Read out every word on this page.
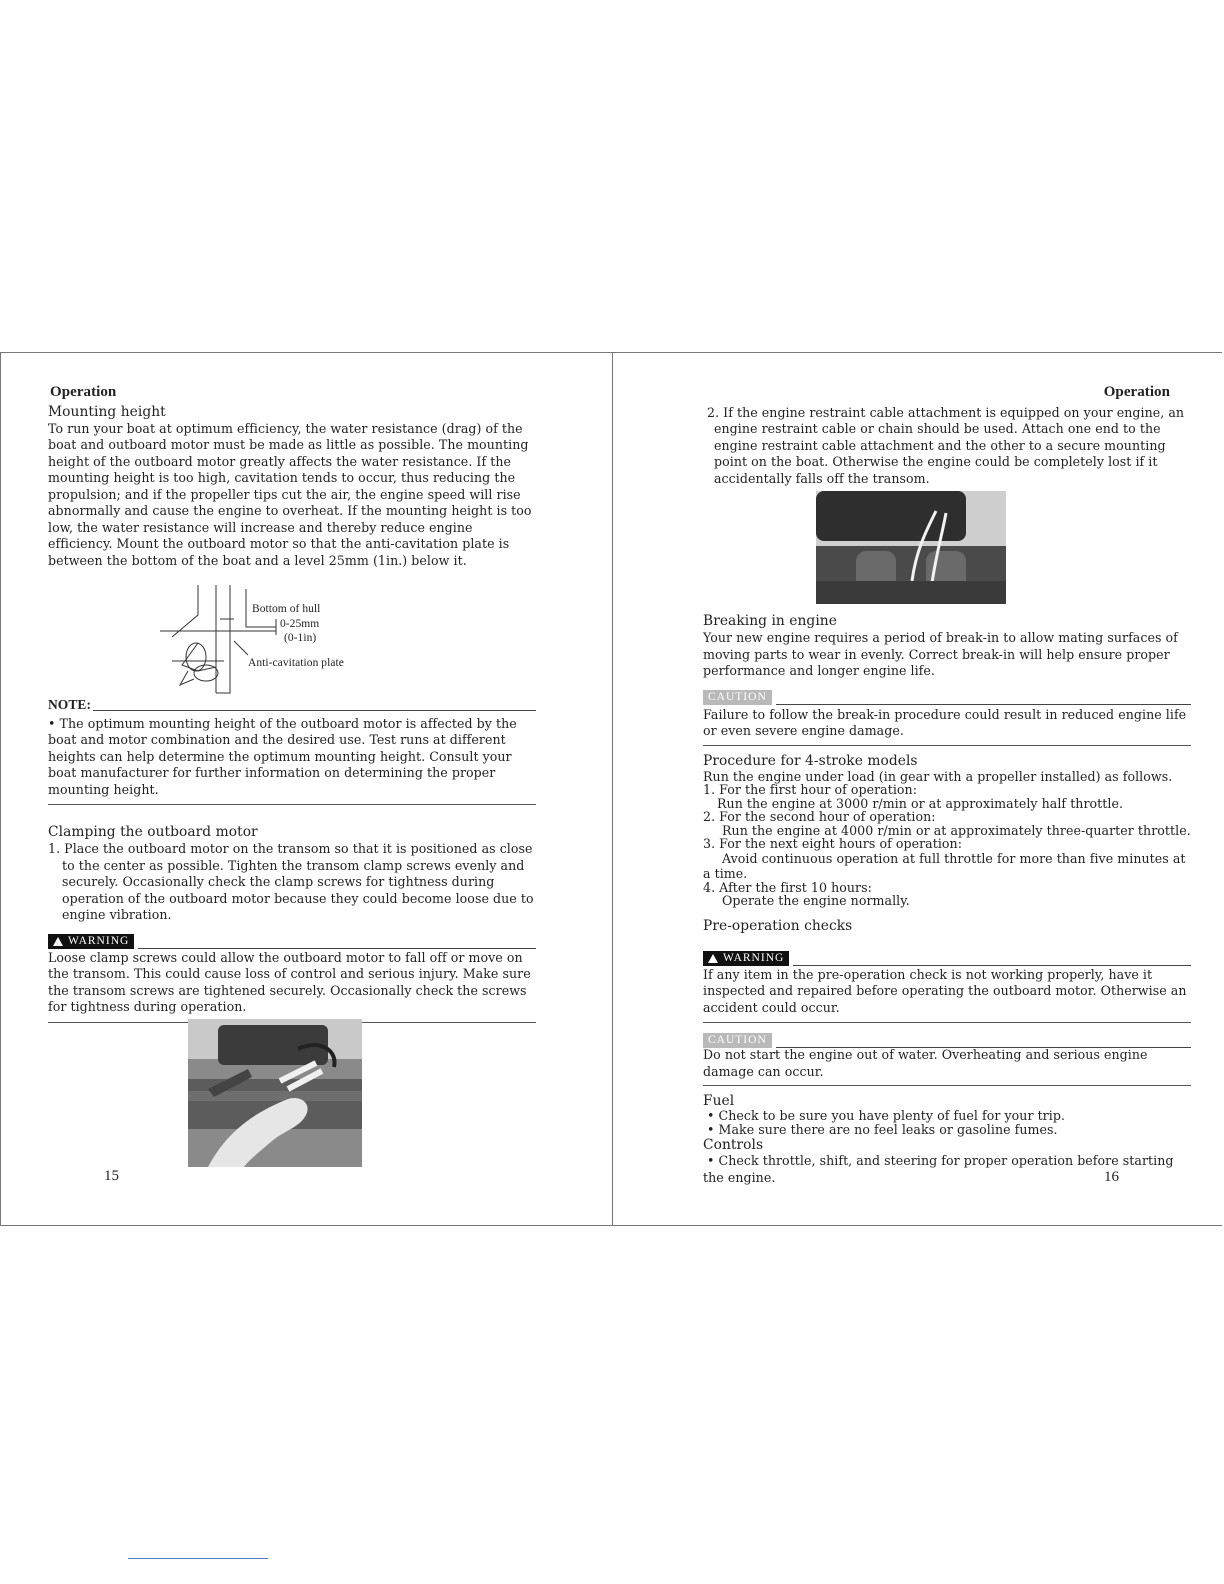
Operation
Mounting height

To run your boat at optimum efficiency, the water resistance (drag) of the boat and outboard motor must be made as little as possible. The mounting height of the outboard motor greatly affects the water resistance. If the mounting height is too high, cavitation tends to occur, thus reducing the propulsion; and if the propeller tips cut the air, the engine speed will rise abnormally and cause the engine to overheat. If the mounting height is too low, the water resistance will increase and thereby reduce engine efficiency. Mount the outboard motor so that the anti-cavitation plate is between the bottom of the boat and a level 25mm (1in.) below it.

Bottom of hull
0-25mm
(0-1in)
Anti-cavitation plate
NOTE:

• The optimum mounting height of the outboard motor is affected by the boat and motor combination and the desired use. Test runs at different heights can help determine the optimum mounting height. Consult your boat manufacturer for further information on determining the proper mounting height.

Clamping the outboard motor

1. Place the outboard motor on the transom so that it is positioned as close to the center as possible. Tighten the transom clamp screws evenly and securely. Occasionally check the clamp screws for tightness during operation of the outboard motor because they could become loose due to engine vibration.

WARNING

Loose clamp screws could allow the outboard motor to fall off or move on the transom. This could cause loss of control and serious injury. Make sure the transom screws are tightened securely. Occasionally check the screws for tightness during operation.

15
Operation

2. If the engine restraint cable attachment is equipped on your engine, an engine restraint cable or chain should be used. Attach one end to the engine restraint cable attachment and the other to a secure mounting point on the boat. Otherwise the engine could be completely lost if it accidentally falls off the transom.

Breaking in engine

Your new engine requires a period of break-in to allow mating surfaces of moving parts to wear in evenly. Correct break-in will help ensure proper performance and longer engine life.

CAUTION

Failure to follow the break-in procedure could result in reduced engine life or even severe engine damage.

Procedure for 4-stroke models

Run the engine under load (in gear with a propeller installed) as follows.

1. For the first hour of operation:

Run the engine at 3000 r/min or at approximately half throttle.

2. For the second hour of operation:

Run the engine at 4000 r/min or at approximately three-quarter throttle.

3. For the next eight hours of operation:

Avoid continuous operation at full throttle for more than five minutes at

a time.

4. After the first 10 hours:

Operate the engine normally.

Pre-operation checks
WARNING

If any item in the pre-operation check is not working properly, have it inspected and repaired before operating the outboard motor. Otherwise an accident could occur.

CAUTION

Do not start the engine out of water. Overheating and serious engine damage can occur.

Fuel

• Check to be sure you have plenty of fuel for your trip.

• Make sure there are no feel leaks or gasoline fumes.

Controls

• Check throttle, shift, and steering for proper operation before starting the engine.	16
